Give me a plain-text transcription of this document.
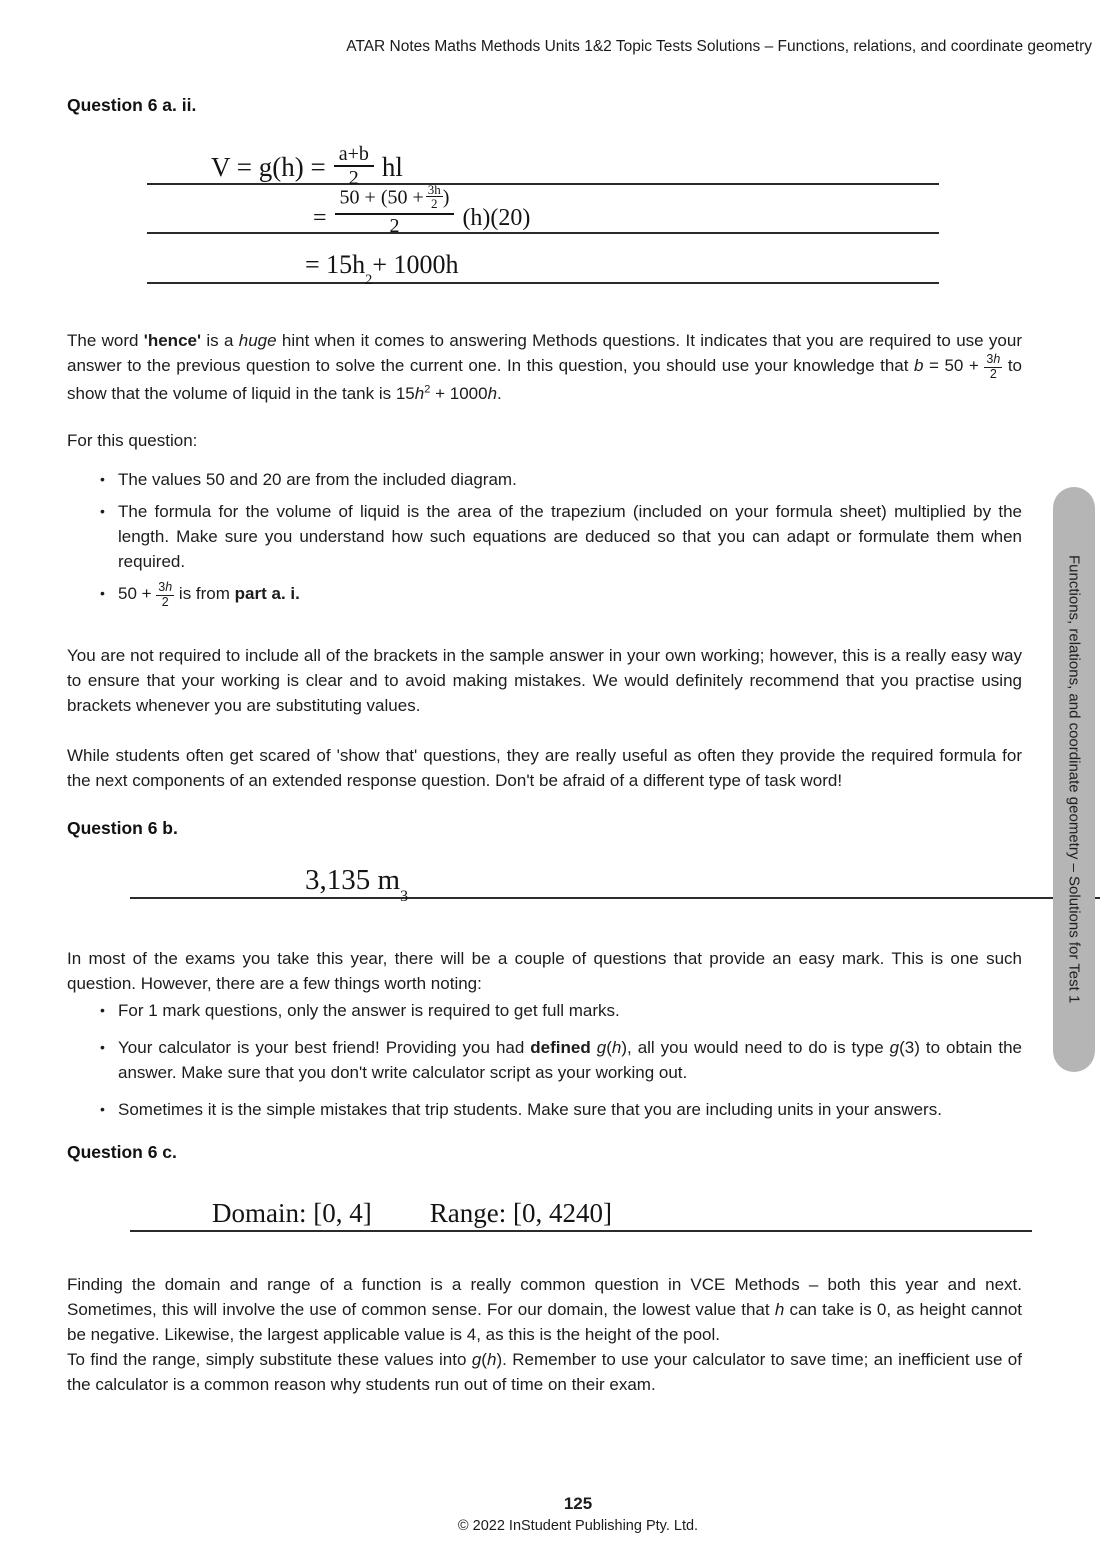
ATAR Notes Maths Methods Units 1&2 Topic Tests Solutions – Functions, relations, and coordinate geometry
Question 6 a. ii.
$V = g(h) = \frac{a+b}{2}$ hl
= $\frac{50 + (50 + \frac{3h}{2} )}{2} (h)(20)$
= 15h
2
+ 1000h

The word 'hence' is a huge hint when it comes to answering Methods questions. It indicates that you are required to use your answer to the previous question to solve the current one. In this question, you should use your knowledge that $b = 50 + \frac{3h}{2}$ to show that the volume of liquid in the tank is $15h^2 + 1000h$.

For this question:

• The values 50 and 20 are from the included diagram.
• The formula for the volume of liquid is the area of the trapezium (included on your formula sheet) multiplied by the length. Make sure you understand how such equations are deduced so that you can adapt or formulate them when required.
• $50 + \frac{3h}{2}$ is from part a. i.

You are not required to include all of the brackets in the sample answer in your own working; however, this is a really easy way to ensure that your working is clear and to avoid making mistakes. We would definitely recommend that you practise using brackets whenever you are substituting values.

While students often get scared of 'show that' questions, they are really useful as often they provide the required formula for the next components of an extended response question. Don't be afraid of a different type of task word!

Question 6 b.
3,135 m
3

In most of the exams you take this year, there will be a couple of questions that provide an easy mark. This is one such question. However, there are a few things worth noting:

• For 1 mark questions, only the answer is required to get full marks.
• Your calculator is your best friend! Providing you had defined g(h), all you would need to do is type g(3) to obtain the answer. Make sure that you don't write calculator script as your working out.
• Sometimes it is the simple mistakes that trip students. Make sure that you are including units in your answers.
Question 6 c.
Domain: [0, 4] Range: [0, 4240]

Finding the domain and range of a function is a really common question in VCE Methods – both this year and next. Sometimes, this will involve the use of common sense. For our domain, the lowest value that h can take is 0, as height cannot be negative. Likewise, the largest applicable value is 4, as this is the height of the pool.
To find the range, simply substitute these values into g(h). Remember to use your calculator to save time; an inefficient use of the calculator is a common reason why students run out of time on their exam.

Functions, relations, and coordinate geometry – Solutions for Test 1
125
© 2022 InStudent Publishing Pty. Ltd.
